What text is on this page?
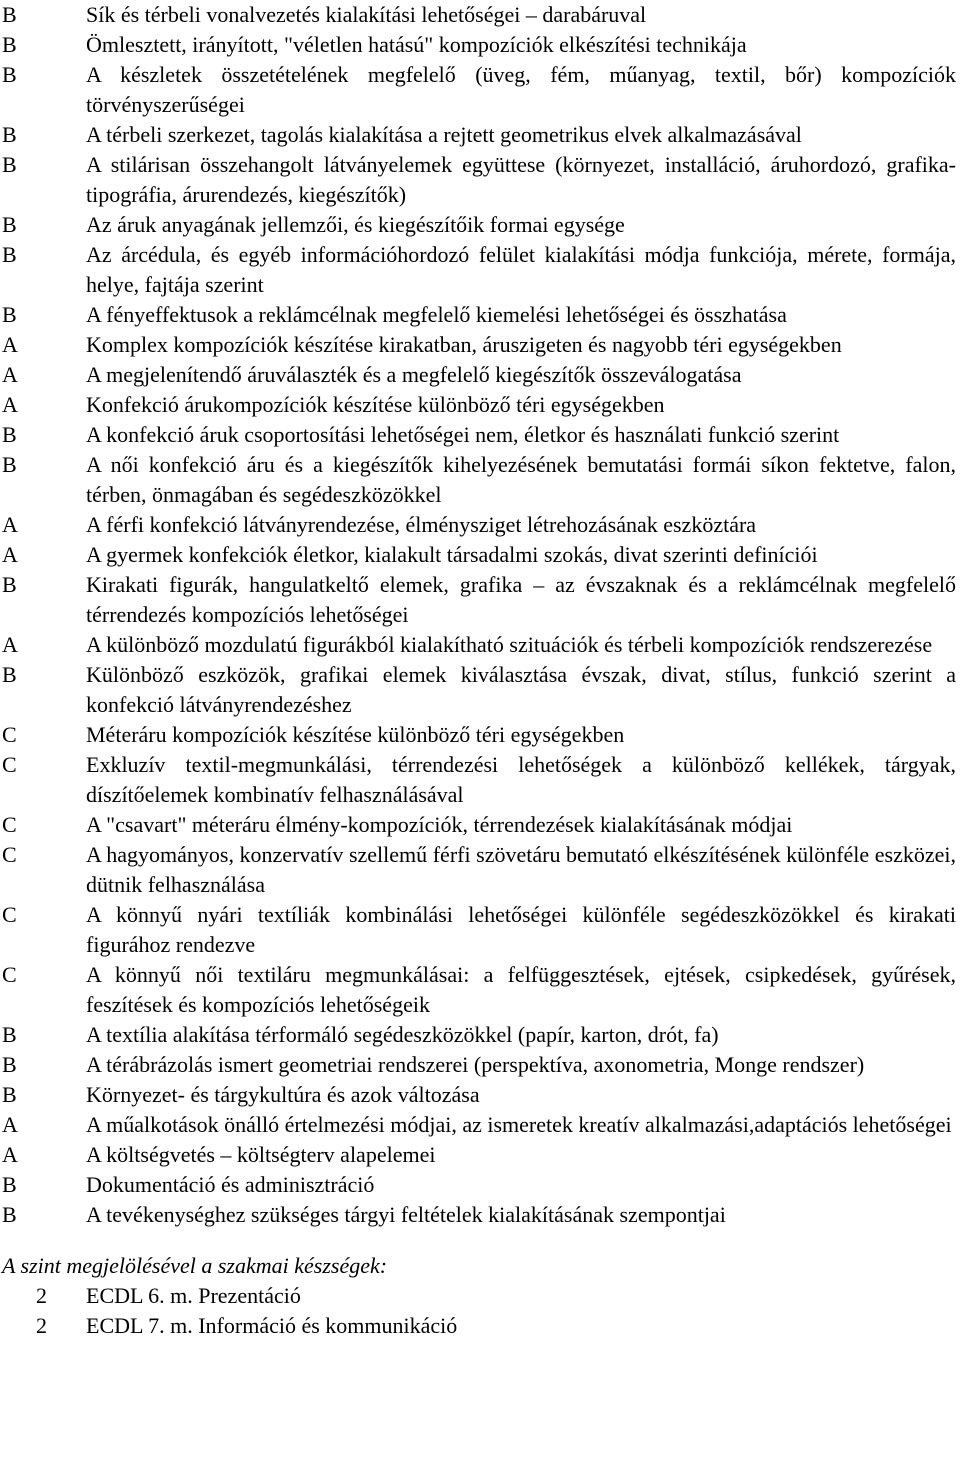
B	Sík és térbeli vonalvezetés kialakítási lehetőségei – darabáruval
B	Ömlesztett, irányított, "véletlen hatású" kompozíciók elkészítési technikája
B	A készletek összetételének megfelelő (üveg, fém, műanyag, textil, bőr) kompozíciók törvényszerűségei
B	A térbeli szerkezet, tagolás kialakítása a rejtett geometrikus elvek alkalmazásával
B	A stilárisan összehangolt látványelemek együttese (környezet, installáció, áruhordozó, grafika-tipográfia, árurendezés, kiegészítők)
B	Az áruk anyagának jellemzői, és kiegészítőik formai egysége
B	Az árcédula, és egyéb információhordozó felület kialakítási módja funkciója, mérete, formája, helye, fajtája szerint
B	A fényeffektusok a reklámcélnak megfelelő kiemelési lehetőségei és összhatása
A	Komplex kompozíciók készítése kirakatban, áruszigeten és nagyobb téri egységekben
A	A megjelenítendő áruválaszték és a megfelelő kiegészítők összeválogatása
A	Konfekció árukompozíciók készítése különböző téri egységekben
B	A konfekció áruk csoportosítási lehetőségei nem, életkor és használati funkció szerint
B	A női konfekció áru és a kiegészítők kihelyezésének bemutatási formái síkon fektetve, falon, térben, önmagában és segédeszközökkel
A	A férfi konfekció látványrendezése, élménysziget létrehozásának eszköztára
A	A gyermek konfekciók életkor, kialakult társadalmi szokás, divat szerinti definíciói
B	Kirakati figurák, hangulatkeltő elemek, grafika – az évszaknak és a reklámcélnak megfelelő térrendezés kompozíciós lehetőségei
A	A különböző mozdulatú figurákból kialakítható szituációk és térbeli kompozíciók rendszerezése
B	Különböző eszközök, grafikai elemek kiválasztása évszak, divat, stílus, funkció szerint a konfekció látványrendezéshez
C	Méteráru kompozíciók készítése különböző téri egységekben
C	Exkluzív textil-megmunkálási, térrendezési lehetőségek a különböző kellékek, tárgyak, díszítőelemek kombinatív felhasználásával
C	A "csavart" méteráru élmény-kompozíciók, térrendezések kialakításának módjai
C	A hagyományos, konzervatív szellemű férfi szövetáru bemutató elkészítésének különféle eszközei, dütnik felhasználása
C	A könnyű nyári textíliák kombinálási lehetőségei különféle segédeszközökkel és kirakati figurához rendezve
C	A könnyű női textiláru megmunkálásai: a felfüggesztések, ejtések, csipkedések, gyűrések, feszítések és kompozíciós lehetőségeik
B	A textília alakítása térformáló segédeszközökkel (papír, karton, drót, fa)
B	A térábrázolás ismert geometriai rendszerei (perspektíva, axonometria, Monge rendszer)
B	Környezet- és tárgykultúra és azok változása
A	A műalkotások önálló értelmezési módjai, az ismeretek kreatív alkalmazási,adaptációs lehetőségei
A	A költségvetés – költségterv alapelemei
B	Dokumentáció és adminisztráció
B	A tevékenységhez szükséges tárgyi feltételek kialakításának szempontjai
A szint megjelölésével a szakmai készségek:
2	ECDL 6. m. Prezentáció
2	ECDL 7. m. Információ és kommunikáció
